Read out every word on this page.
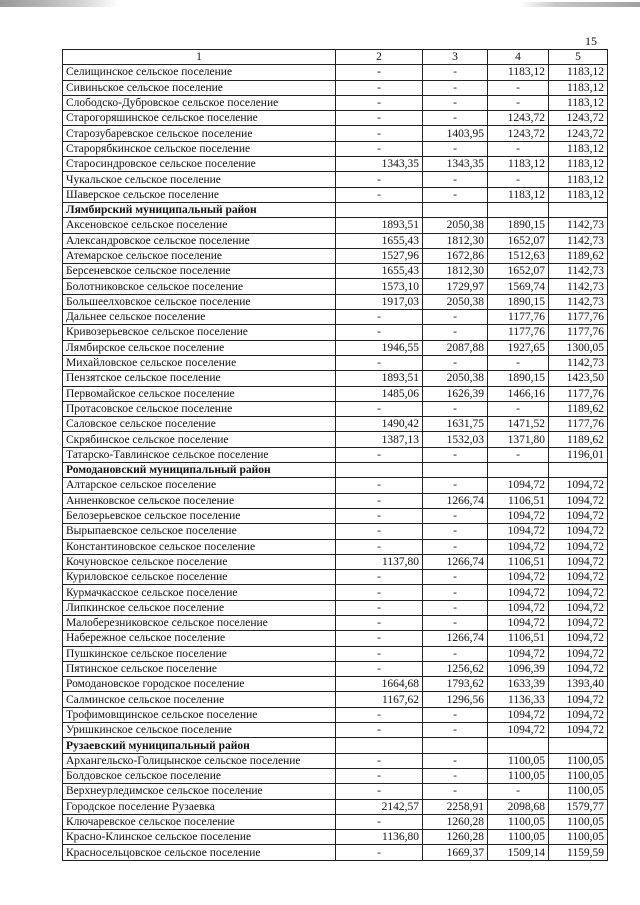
15
1	2	3	4	5
Селищинское сельское поселение	-	-	1183,12	1183,12
Сивиньское сельское поселение	-	-	-	1183,12
Слободско-Дубровское сельское поселение	-	-	-	1183,12
Старогоряшинское сельское поселение	-	-	1243,72	1243,72
Старозубаревское сельское поселение	-	1403,95	1243,72	1243,72
Старорябкинское сельское поселение	-	-	-	1183,12
Старосиндровское сельское поселение	1343,35	1343,35	1183,12	1183,12
Чукальское сельское поселение	-	-	-	1183,12
Шаверское сельское поселение	-	-	1183,12	1183,12
Лямбирский муниципальный район				
Аксеновское сельское поселение	1893,51	2050,38	1890,15	1142,73
Александровское сельское поселение	1655,43	1812,30	1652,07	1142,73
Атемарское сельское поселение	1527,96	1672,86	1512,63	1189,62
Берсеневское сельское поселение	1655,43	1812,30	1652,07	1142,73
Болотниковское сельское поселение	1573,10	1729,97	1569,74	1142,73
Большеелховское сельское поселение	1917,03	2050,38	1890,15	1142,73
Дальнее сельское поселение	-	-	1177,76	1177,76
Кривозерьевское сельское поселение	-	-	1177,76	1177,76
Лямбирское сельское поселение	1946,55	2087,88	1927,65	1300,05
Михайловское сельское поселение	-	-	-	1142,73
Пензятское сельское поселение	1893,51	2050,38	1890,15	1423,50
Первомайское сельское поселение	1485,06	1626,39	1466,16	1177,76
Протасовское сельское поселение	-	-	-	1189,62
Саловское сельское поселение	1490,42	1631,75	1471,52	1177,76
Скрябинское сельское поселение	1387,13	1532,03	1371,80	1189,62
Татарско-Тавлинское сельское поселение	-	-	-	1196,01
Ромодановский муниципальный район				
Алтарское сельское поселение	-	-	1094,72	1094,72
Анненковское сельское поселение	-	1266,74	1106,51	1094,72
Белозерьевское сельское поселение	-	-	1094,72	1094,72
Вырыпаевское сельское поселение	-	-	1094,72	1094,72
Константиновское сельское поселение	-	-	1094,72	1094,72
Кочуновское сельское поселение	1137,80	1266,74	1106,51	1094,72
Куриловское сельское поселение	-	-	1094,72	1094,72
Курмачкасское сельское поселение	-	-	1094,72	1094,72
Липкинское сельское поселение	-	-	1094,72	1094,72
Малоберезниковское сельское поселение	-	-	1094,72	1094,72
Набережное сельское поселение	-	1266,74	1106,51	1094,72
Пушкинское сельское поселение	-	-	1094,72	1094,72
Пятинское сельское поселение	-	1256,62	1096,39	1094,72
Ромодановское городское поселение	1664,68	1793,62	1633,39	1393,40
Салминское сельское поселение	1167,62	1296,56	1136,33	1094,72
Трофимовщинское сельское поселение	-	-	1094,72	1094,72
Уришкинское сельское поселение	-	-	1094,72	1094,72
Рузаевский муниципальный район				
Архангельско-Голицынское сельское поселение	-	-	1100,05	1100,05
Болдовское сельское поселение	-	-	1100,05	1100,05
Верхнеурледимское сельское поселение	-	-	-	1100,05
Городское поселение Рузаевка	2142,57	2258,91	2098,68	1579,77
Ключаревское сельское поселение	-	1260,28	1100,05	1100,05
Красно-Клинское сельское поселение	1136,80	1260,28	1100,05	1100,05
Красносельцовское сельское поселение	-	1669,37	1509,14	1159,59
